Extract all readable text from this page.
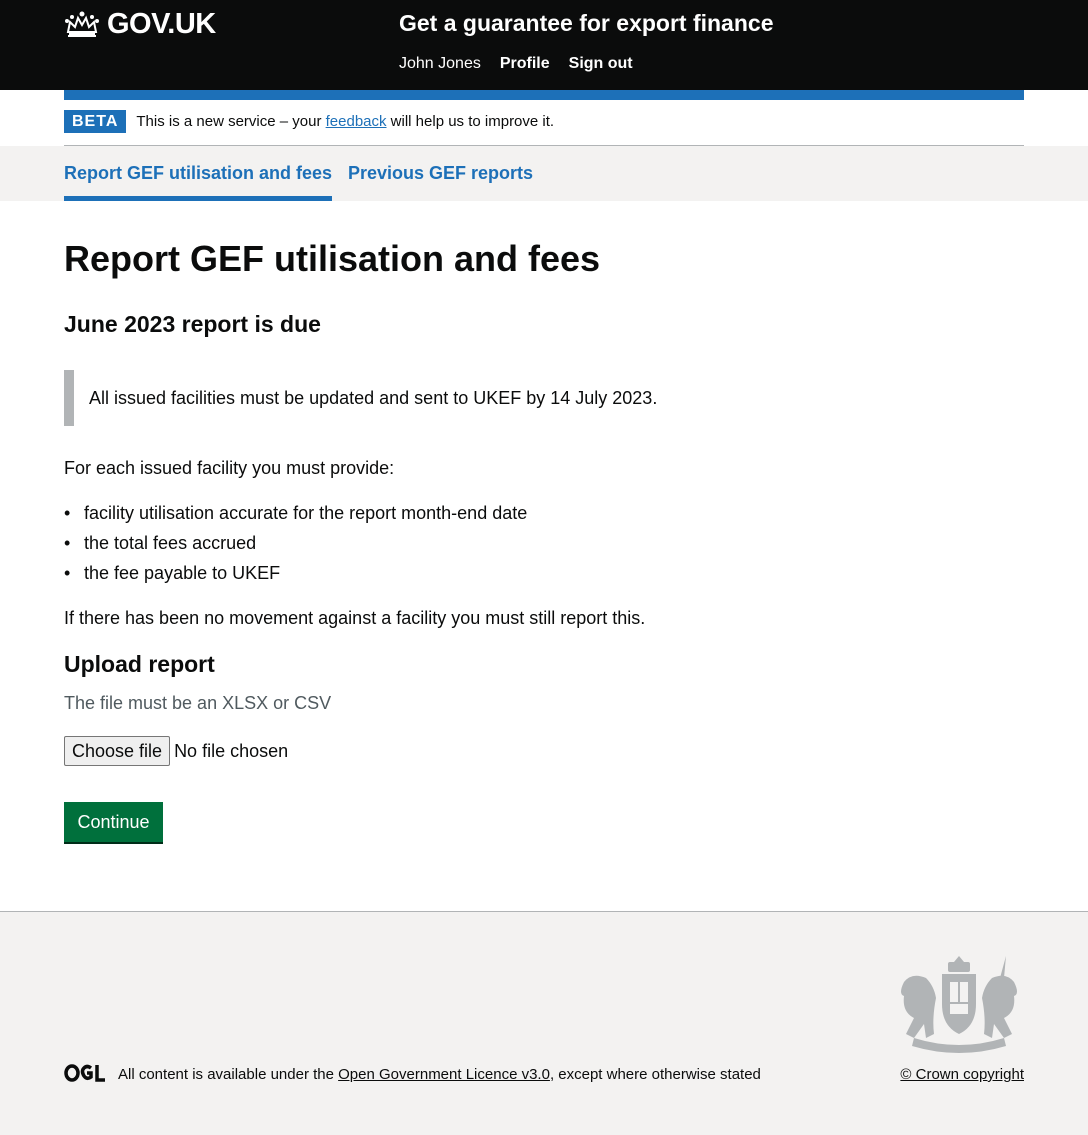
GOV.UK	Get a guarantee for export finance
John Jones Profile Sign out
BETA	This is a new service – your feedback will help us to improve it.
Report GEF utilisation and fees Previous GEF reports
Report GEF utilisation and fees
June 2023 report is due
All issued facilities must be updated and sent to UKEF by 14 July 2023.

For each issued facility you must provide:

• facility utilisation accurate for the report month-end date
• the total fees accrued
• the fee payable to UKEF

If there has been no movement against a facility you must still report this.

Upload report
The file must be an XLSX or CSV
Choose file No file chosen
Continue
All content is available under the Open Government Licence v3.0, except where otherwise stated	© Crown copyright
